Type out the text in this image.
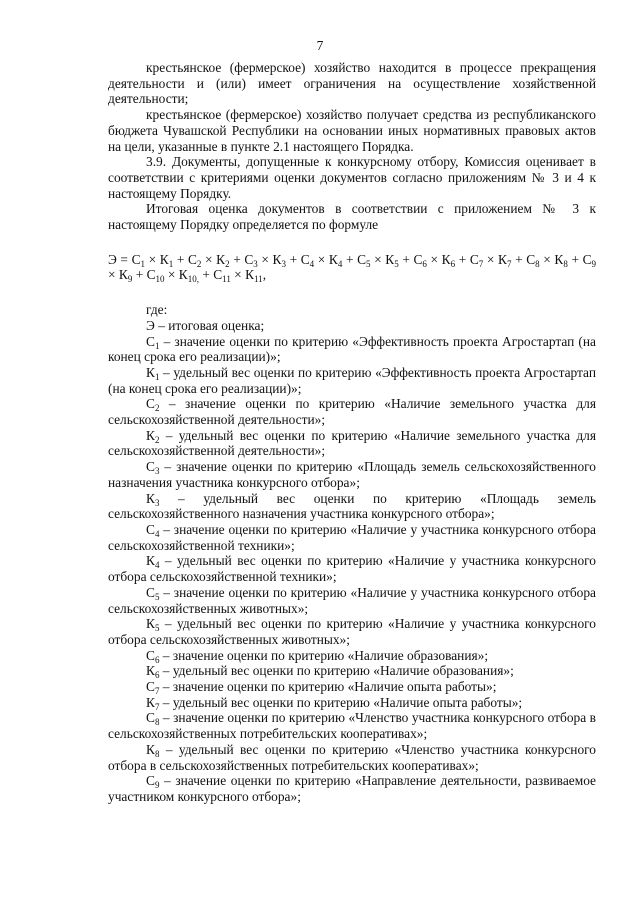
7

крестьянское (фермерское) хозяйство находится в процессе прекращения деятельности и (или) имеет ограничения на осуществление хозяйственной деятельности;

крестьянское (фермерское) хозяйство получает средства из республиканского бюджета Чувашской Республики на основании иных нормативных правовых актов на цели, указанные в пункте 2.1 настоящего Порядка.

3.9. Документы, допущенные к конкурсному отбору, Комиссия оценивает в соответствии с критериями оценки документов согласно приложениям № 3 и 4 к настоящему Порядку.

Итоговая оценка документов в соответствии с приложением № 3 к настоящему Порядку определяется по формуле

$Э = С_1 \times К_1 + С_2 \times К_2 + С_3 \times К_3 + С_4 \times К_4 + С_5 \times К_5 + С_6 \times К_6 + С_7 \times К_7 + С_8 \times К_8 + С_9 \times К_9 + С_{10} \times К_{10,} + С_{11} \times К_{11}$,

где:

Э – итоговая оценка;

$С_1$ – значение оценки по критерию «Эффективность проекта Агростартап (на конец срока его реализации)»;

$К_1$ – удельный вес оценки по критерию «Эффективность проекта Агростартап (на конец срока его реализации)»;

$С_2$ – значение оценки по критерию «Наличие земельного участка для сельскохозяйственной деятельности»;

$К_2$ – удельный вес оценки по критерию «Наличие земельного участка для сельскохозяйственной деятельности»;

$С_3$ – значение оценки по критерию «Площадь земель сельскохозяйственного назначения участника конкурсного отбора»;

$К_3$ – удельный вес оценки по критерию «Площадь земель сельскохозяйственного назначения участника конкурсного отбора»;

$С_4$ – значение оценки по критерию «Наличие у участника конкурсного отбора сельскохозяйственной техники»;

$К_4$ – удельный вес оценки по критерию «Наличие у участника конкурсного отбора сельскохозяйственной техники»;

$С_5$ – значение оценки по критерию «Наличие у участника конкурсного отбора сельскохозяйственных животных»;

$К_5$ – удельный вес оценки по критерию «Наличие у участника конкурсного отбора сельскохозяйственных животных»;

$С_6$ – значение оценки по критерию «Наличие образования»;

$К_6$ – удельный вес оценки по критерию «Наличие образования»;

$С_7$ – значение оценки по критерию «Наличие опыта работы»;

$К_7$ – удельный вес оценки по критерию «Наличие опыта работы»;

$С_8$ – значение оценки по критерию «Членство участника конкурсного отбора в сельскохозяйственных потребительских кооперативах»;

$К_8$ – удельный вес оценки по критерию «Членство участника конкурсного отбора в сельскохозяйственных потребительских кооперативах»;

$С_9$ – значение оценки по критерию «Направление деятельности, развиваемое участником конкурсного отбора»;
